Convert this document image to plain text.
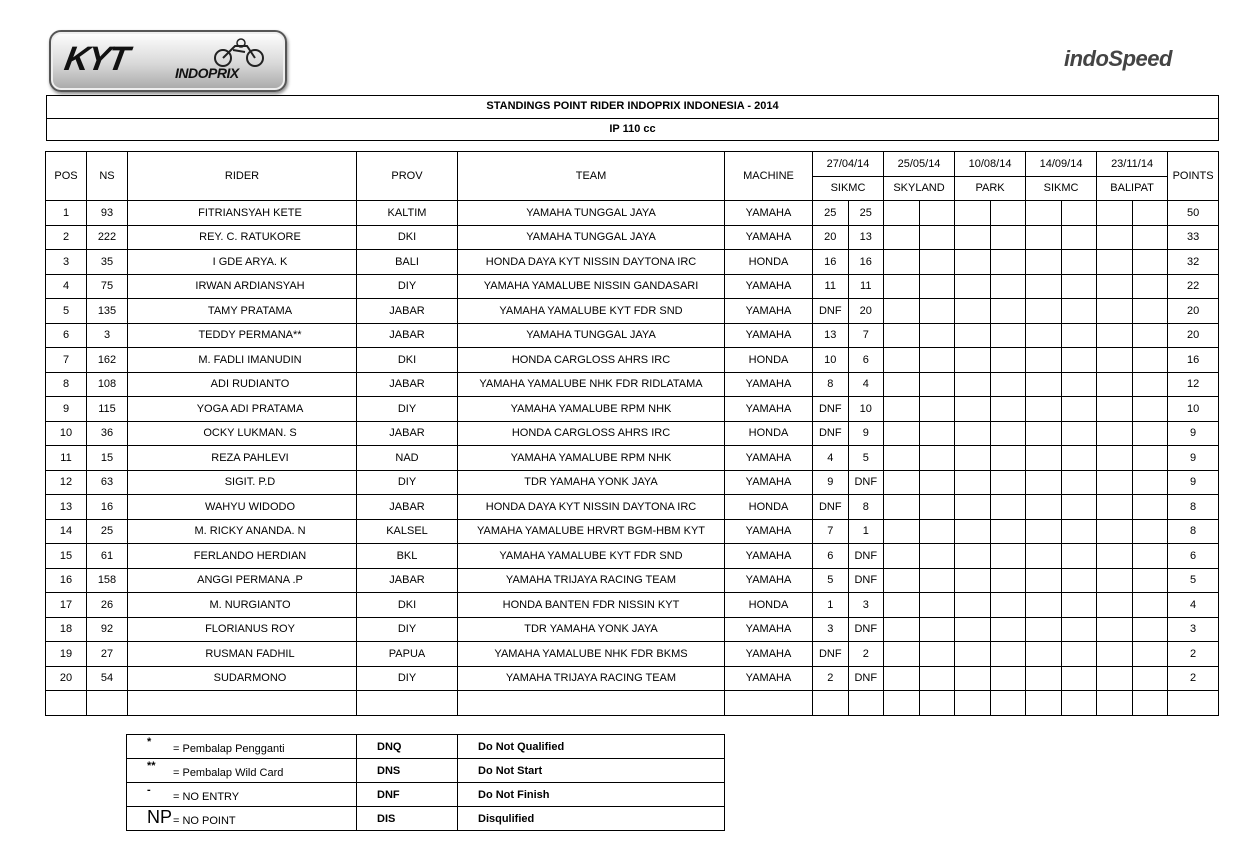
KYT	INDOPRIX
indoSpeed
STANDINGS POINT RIDER INDOPRIX INDONESIA - 2014
IP 110 cc
POS	NS	RIDER	PROV	TEAM	MACHINE	27/04/14		25/05/14		10/08/14		14/09/14		23/11/14		POINTS
						SIKMC		SKYLAND		PARK		SIKMC		BALIPAT		
1	93	FITRIANSYAH KETE	KALTIM	YAMAHA TUNGGAL JAYA	YAMAHA	25	25									50
2	222	REY. C. RATUKORE	DKI	YAMAHA TUNGGAL JAYA	YAMAHA	20	13									33
3	35	I GDE ARYA. K	BALI	HONDA DAYA KYT NISSIN DAYTONA IRC	HONDA	16	16									32
4	75	IRWAN ARDIANSYAH	DIY	YAMAHA YAMALUBE NISSIN GANDASARI	YAMAHA	11	11									22
5	135	TAMY PRATAMA	JABAR	YAMAHA YAMALUBE KYT FDR SND	YAMAHA	DNF	20									20
6	3	TEDDY PERMANA**	JABAR	YAMAHA TUNGGAL JAYA	YAMAHA	13	7									20
7	162	M. FADLI IMANUDIN	DKI	HONDA CARGLOSS AHRS IRC	HONDA	10	6									16
8	108	ADI RUDIANTO	JABAR	YAMAHA YAMALUBE NHK FDR RIDLATAMA	YAMAHA	8	4									12
9	115	YOGA ADI PRATAMA	DIY	YAMAHA YAMALUBE RPM NHK	YAMAHA	DNF	10									10
10	36	OCKY LUKMAN. S	JABAR	HONDA CARGLOSS AHRS IRC	HONDA	DNF	9									9
11	15	REZA PAHLEVI	NAD	YAMAHA YAMALUBE RPM NHK	YAMAHA	4	5									9
12	63	SIGIT. P.D	DIY	TDR YAMAHA YONK JAYA	YAMAHA	9	DNF									9
13	16	WAHYU WIDODO	JABAR	HONDA DAYA KYT NISSIN DAYTONA IRC	HONDA	DNF	8									8
14	25	M. RICKY ANANDA. N	KALSEL	YAMAHA YAMALUBE HRVRT BGM-HBM KYT	YAMAHA	7	1									8
15	61	FERLANDO HERDIAN	BKL	YAMAHA YAMALUBE KYT FDR SND	YAMAHA	6	DNF									6
16	158	ANGGI PERMANA .P	JABAR	YAMAHA TRIJAYA RACING TEAM	YAMAHA	5	DNF									5
17	26	M. NURGIANTO	DKI	HONDA BANTEN FDR NISSIN KYT	HONDA	1	3									4
18	92	FLORIANUS ROY	DIY	TDR YAMAHA YONK JAYA	YAMAHA	3	DNF									3
19	27	RUSMAN FADHIL	PAPUA	YAMAHA YAMALUBE NHK FDR BKMS	YAMAHA	DNF	2									2
20	54	SUDARMONO	DIY	YAMAHA TRIJAYA RACING TEAM	YAMAHA	2	DNF									2

*
= Pembalap Pengganti	DNQ	Do Not Qualified

**
= Pembalap Wild Card	DNS	Do Not Start

-
= NO ENTRY	DNF	Do Not Finish

NP = NO POINT	DIS	Disqulified
